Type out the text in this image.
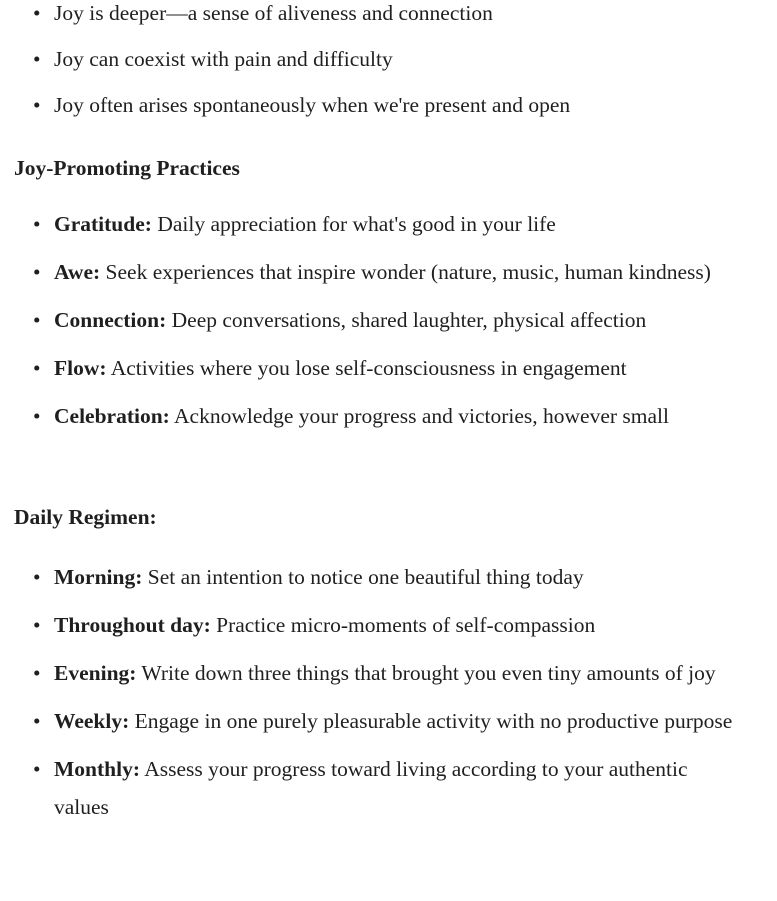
• Joy is deeper—a sense of aliveness and connection
• Joy can coexist with pain and difficulty
• Joy often arises spontaneously when we're present and open
Joy-Promoting Practices
• Gratitude: Daily appreciation for what's good in your life
• Awe: Seek experiences that inspire wonder (nature, music, human kindness)
• Connection: Deep conversations, shared laughter, physical affection
• Flow: Activities where you lose self-consciousness in engagement
• Celebration: Acknowledge your progress and victories, however small
Daily Regimen:
• Morning: Set an intention to notice one beautiful thing today
• Throughout day: Practice micro-moments of self-compassion
• Evening: Write down three things that brought you even tiny amounts of joy
• Weekly: Engage in one purely pleasurable activity with no productive purpose
• Monthly: Assess your progress toward living according to your authentic values
